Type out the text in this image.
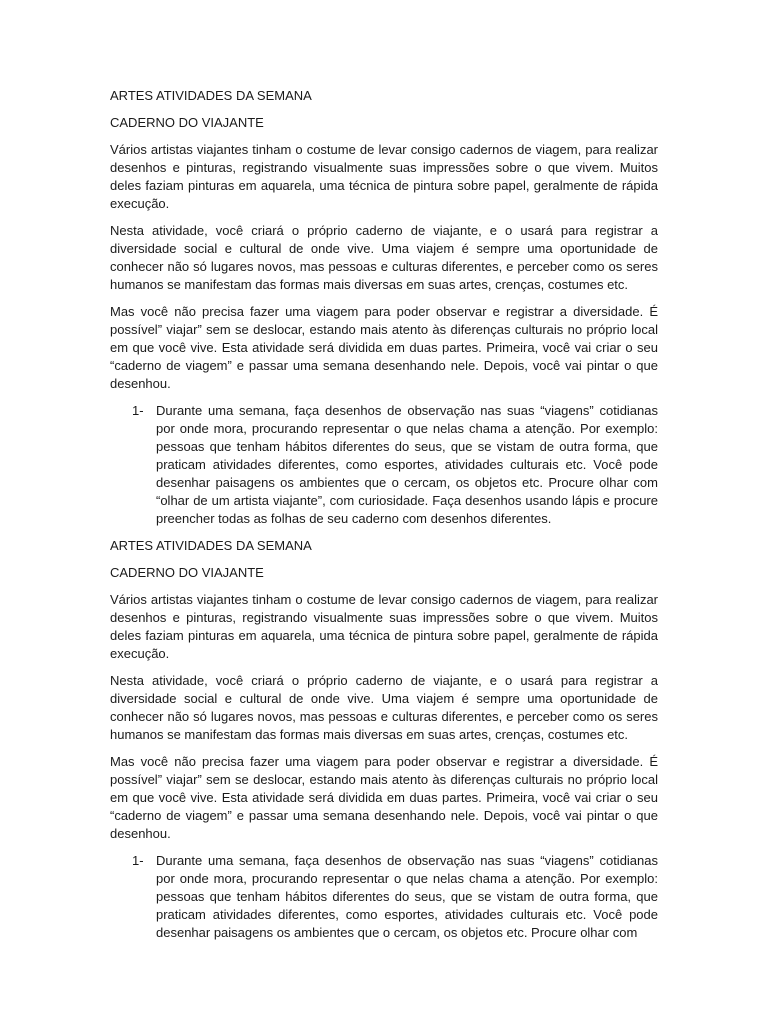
ARTES ATIVIDADES DA SEMANA

CADERNO DO VIAJANTE

Vários artistas viajantes tinham o costume de levar consigo cadernos de viagem, para realizar desenhos e pinturas, registrando visualmente suas impressões sobre o que vivem. Muitos deles faziam pinturas em aquarela, uma técnica de pintura sobre papel, geralmente de rápida execução.

Nesta atividade, você criará o próprio caderno de viajante, e o usará para registrar a diversidade social e cultural de onde vive. Uma viajem é sempre uma oportunidade de conhecer não só lugares novos, mas pessoas e culturas diferentes, e perceber como os seres humanos se manifestam das formas mais diversas em suas artes, crenças, costumes etc.

Mas você não precisa fazer uma viagem para poder observar e registrar a diversidade. É possível” viajar” sem se deslocar, estando mais atento às diferenças culturais no próprio local em que você vive. Esta atividade será dividida em duas partes. Primeira, você vai criar o seu “caderno de viagem” e passar uma semana desenhando nele. Depois, você vai pintar o que desenhou.

1- Durante uma semana, faça desenhos de observação nas suas “viagens” cotidianas por onde mora, procurando representar o que nelas chama a atenção. Por exemplo: pessoas que tenham hábitos diferentes do seus, que se vistam de outra forma, que praticam atividades diferentes, como esportes, atividades culturais etc. Você pode desenhar paisagens os ambientes que o cercam, os objetos etc. Procure olhar com “olhar de um artista viajante”, com curiosidade. Faça desenhos usando lápis e procure preencher todas as folhas de seu caderno com desenhos diferentes.

ARTES ATIVIDADES DA SEMANA

CADERNO DO VIAJANTE

Vários artistas viajantes tinham o costume de levar consigo cadernos de viagem, para realizar desenhos e pinturas, registrando visualmente suas impressões sobre o que vivem. Muitos deles faziam pinturas em aquarela, uma técnica de pintura sobre papel, geralmente de rápida execução.

Nesta atividade, você criará o próprio caderno de viajante, e o usará para registrar a diversidade social e cultural de onde vive. Uma viajem é sempre uma oportunidade de conhecer não só lugares novos, mas pessoas e culturas diferentes, e perceber como os seres humanos se manifestam das formas mais diversas em suas artes, crenças, costumes etc.

Mas você não precisa fazer uma viagem para poder observar e registrar a diversidade. É possível” viajar” sem se deslocar, estando mais atento às diferenças culturais no próprio local em que você vive. Esta atividade será dividida em duas partes. Primeira, você vai criar o seu “caderno de viagem” e passar uma semana desenhando nele. Depois, você vai pintar o que desenhou.

1- Durante uma semana, faça desenhos de observação nas suas “viagens” cotidianas por onde mora, procurando representar o que nelas chama a atenção. Por exemplo: pessoas que tenham hábitos diferentes do seus, que se vistam de outra forma, que praticam atividades diferentes, como esportes, atividades culturais etc. Você pode desenhar paisagens os ambientes que o cercam, os objetos etc. Procure olhar com
